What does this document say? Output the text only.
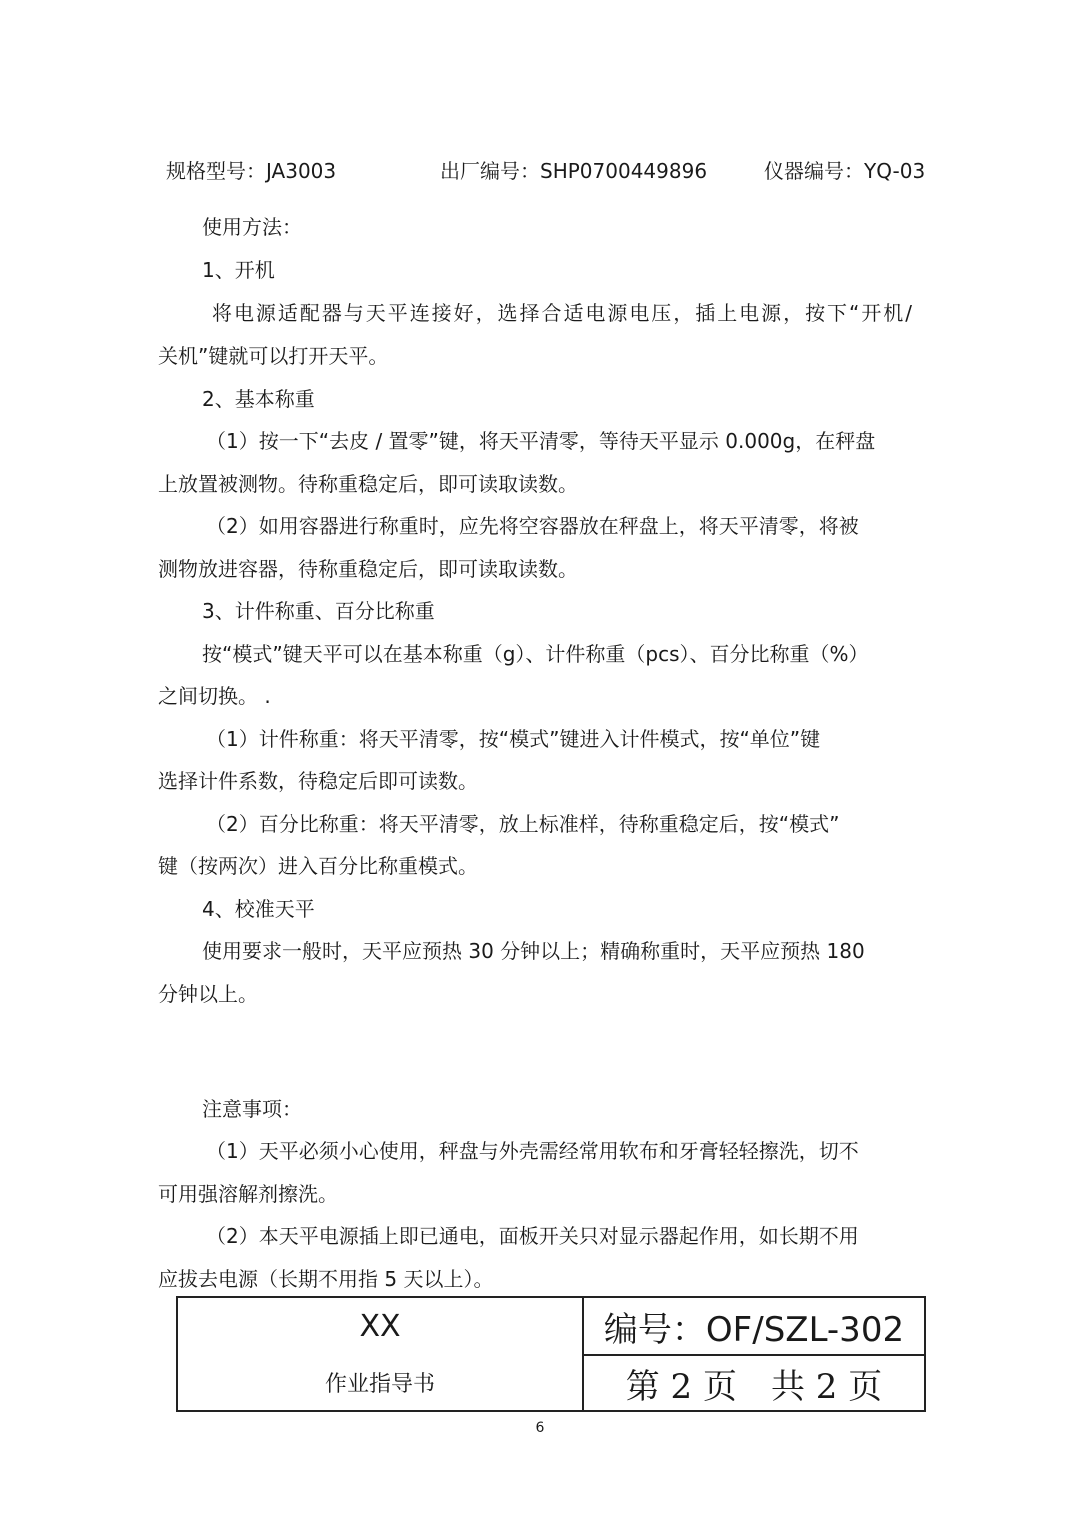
规格型号：JA3003	出厂编号：SHP0700449896	仪器编号：YQ-03
使用方法：
1、开机
将电源适配器与天平连接好，选择合适电源电压，插上电源，按下“开机/
关机”键就可以打开天平。
2、基本称重
（1）按一下“去皮 / 置零”键，将天平清零，等待天平显示 0.000g，在秤盘
上放置被测物。待称重稳定后，即可读取读数。
（2）如用容器进行称重时，应先将空容器放在秤盘上，将天平清零，将被
测物放进容器，待称重稳定后，即可读取读数。
3、计件称重、百分比称重
按“模式”键天平可以在基本称重（g）、计件称重（pcs）、百分比称重（%）
之间切换。 .
（1）计件称重：将天平清零，按“模式”键进入计件模式，按“单位”键
选择计件系数，待稳定后即可读数。
（2）百分比称重：将天平清零，放上标准样，待称重稳定后，按“模式”
键（按两次）进入百分比称重模式。
4、校准天平
使用要求一般时，天平应预热 30 分钟以上；精确称重时，天平应预热 180
分钟以上。
注意事项：
（1）天平必须小心使用，秤盘与外壳需经常用软布和牙膏轻轻擦洗，切不
可用强溶解剂擦洗。
（2）本天平电源插上即已通电，面板开关只对显示器起作用，如长期不用
应拔去电源（长期不用指 5 天以上）。
XX	编号：OF/SZL-302
作业指导书	第 2 页　共 2 页
6
